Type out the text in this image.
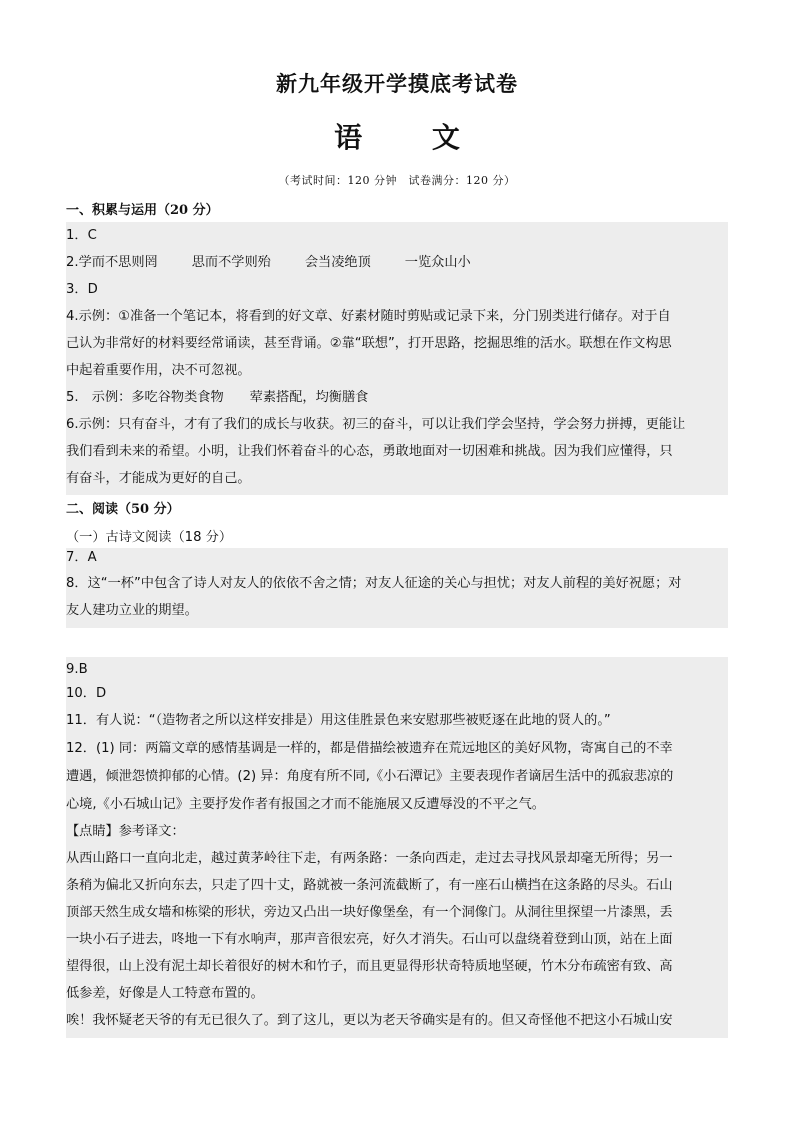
新九年级开学摸底考试卷
语 文
（考试时间：120 分钟　试卷满分：120 分）
一、积累与运用（20 分）
1．C
2.学而不思则罔	思而不学则殆	会当凌绝顶	一览众山小
3．D
4.示例：①准备一个笔记本，将看到的好文章、好素材随时剪贴或记录下来，分门别类进行储存。对于自
己认为非常好的材料要经常诵读，甚至背诵。②靠“联想”，打开思路，挖掘思维的活水。联想在作文构思
中起着重要作用，决不可忽视。
5.　示例：多吃谷物类食物 荤素搭配，均衡膳食
6.示例：只有奋斗，才有了我们的成长与收获。初三的奋斗，可以让我们学会坚持，学会努力拼搏，更能让
我们看到未来的希望。小明，让我们怀着奋斗的心态，勇敢地面对一切困难和挑战。因为我们应懂得，只
有奋斗，才能成为更好的自己。
二、阅读（50 分）
（一）古诗文阅读（18 分）
7．A
8．这“一杯”中包含了诗人对友人的依依不舍之情；对友人征途的关心与担忧；对友人前程的美好祝愿；对
友人建功立业的期望。
9.B
10．D
11．有人说：“（造物者之所以这样安排是）用这佳胜景色来安慰那些被贬逐在此地的贤人的。”
12．(1) 同：两篇文章的感情基调是一样的，都是借描绘被遗弃在荒远地区的美好风物，寄寓自己的不幸
遭遇，倾泄怨愤抑郁的心情。(2) 异：角度有所不同,《小石潭记》主要表现作者谪居生活中的孤寂悲凉的
心境,《小石城山记》主要抒发作者有报国之才而不能施展又反遭辱没的不平之气。
【点睛】参考译文：
从西山路口一直向北走，越过黄茅岭往下走，有两条路：一条向西走，走过去寻找风景却毫无所得；另一
条稍为偏北又折向东去，只走了四十丈，路就被一条河流截断了，有一座石山横挡在这条路的尽头。石山
顶部天然生成女墙和栋梁的形状，旁边又凸出一块好像堡垒，有一个洞像门。从洞往里探望一片漆黑，丢
一块小石子进去，咚地一下有水响声，那声音很宏亮，好久才消失。石山可以盘绕着登到山顶，站在上面
望得很，山上没有泥土却长着很好的树木和竹子，而且更显得形状奇特质地坚硬，竹木分布疏密有致、高
低参差，好像是人工特意布置的。
唉！我怀疑老天爷的有无已很久了。到了这儿，更以为老天爷确实是有的。但又奇怪他不把这小石城山安
